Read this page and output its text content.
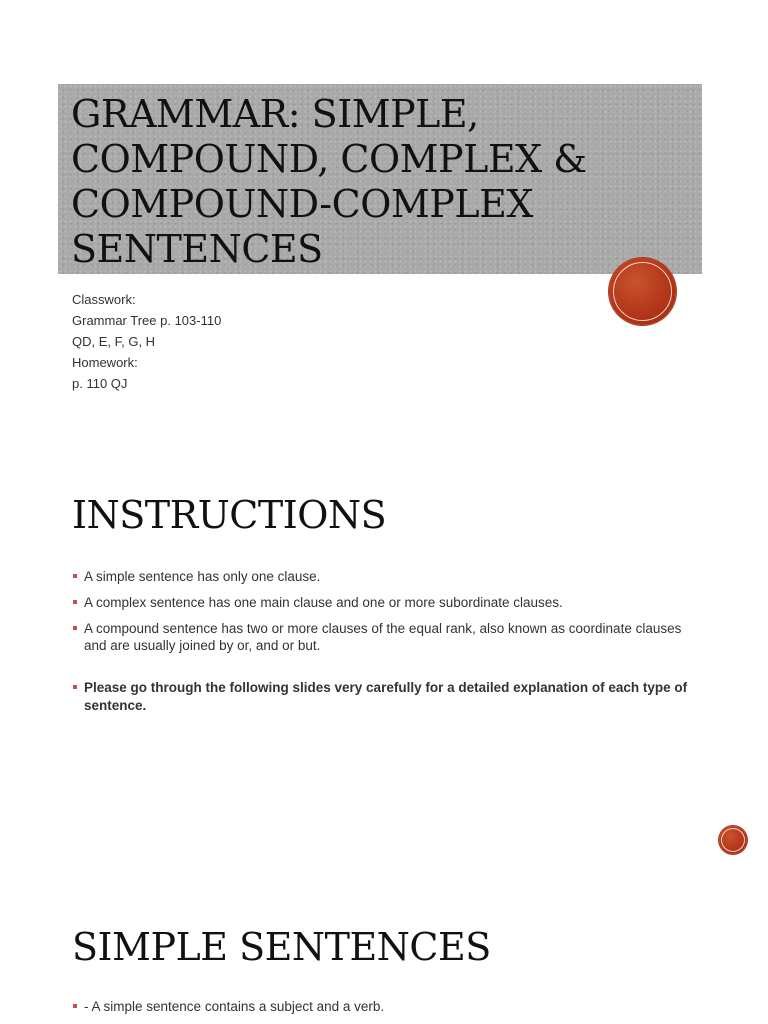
GRAMMAR: SIMPLE,
COMPOUND, COMPLEX &
COMPOUND-COMPLEX
SENTENCES
Classwork:
Grammar Tree p. 103-110
QD, E, F, G, H
Homework:
p. 110 QJ
INSTRUCTIONS
A simple sentence has only one clause.
A complex sentence has one main clause and one or more subordinate clauses.
A compound sentence has two or more clauses of the equal rank, also known as coordinate clauses and are usually joined by or, and or but.
Please go through the following slides very carefully for a detailed explanation of each type of sentence.
SIMPLE SENTENCES
- A simple sentence contains a subject and a verb.
